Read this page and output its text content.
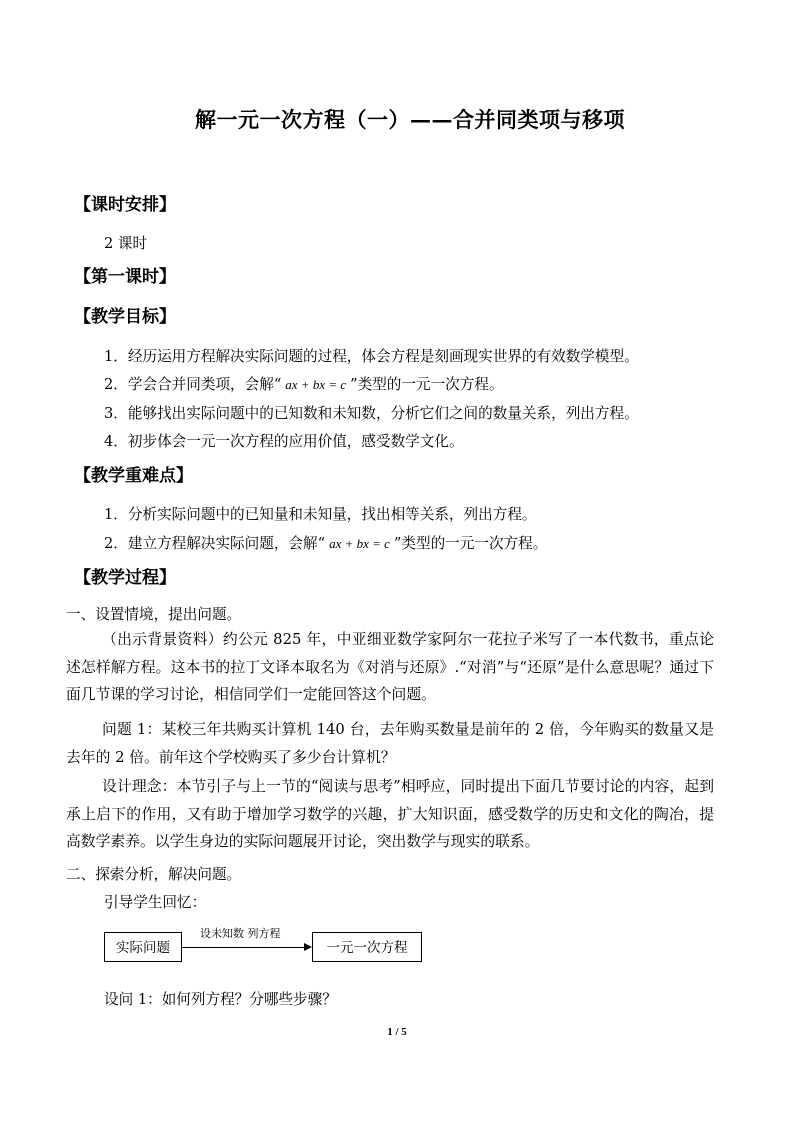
解一元一次方程（一）——合并同类项与移项
【课时安排】
2 课时
【第一课时】
【教学目标】
1．经历运用方程解决实际问题的过程，体会方程是刻画现实世界的有效数学模型。
2．学会合并同类项，会解“ ax + bx = c ”类型的一元一次方程。
3．能够找出实际问题中的已知数和未知数，分析它们之间的数量关系，列出方程。
4．初步体会一元一次方程的应用价值，感受数学文化。
【教学重难点】
1．分析实际问题中的已知量和未知量，找出相等关系，列出方程。
2．建立方程解决实际问题，会解“ ax + bx = c ”类型的一元一次方程。
【教学过程】
一、设置情境，提出问题。
（出示背景资料）约公元 825 年，中亚细亚数学家阿尔一花拉子米写了一本代数书，重点论述怎样解方程。这本书的拉丁文译本取名为《对消与还原》.“对消”与“还原”是什么意思呢？通过下面几节课的学习讨论，相信同学们一定能回答这个问题。
问题 1：某校三年共购买计算机 140 台，去年购买数量是前年的 2 倍，今年购买的数量又是去年的 2 倍。前年这个学校购买了多少台计算机？
设计理念：本节引子与上一节的“阅读与思考”相呼应，同时提出下面几节要讨论的内容，起到承上启下的作用，又有助于增加学习数学的兴趣，扩大知识面，感受数学的历史和文化的陶冶，提高数学素养。以学生身边的实际问题展开讨论，突出数学与现实的联系。
二、探索分析，解决问题。
引导学生回忆：
实际问题
设未知数 列方程
一元一次方程
设问 1：如何列方程？分哪些步骤？
1 / 5
